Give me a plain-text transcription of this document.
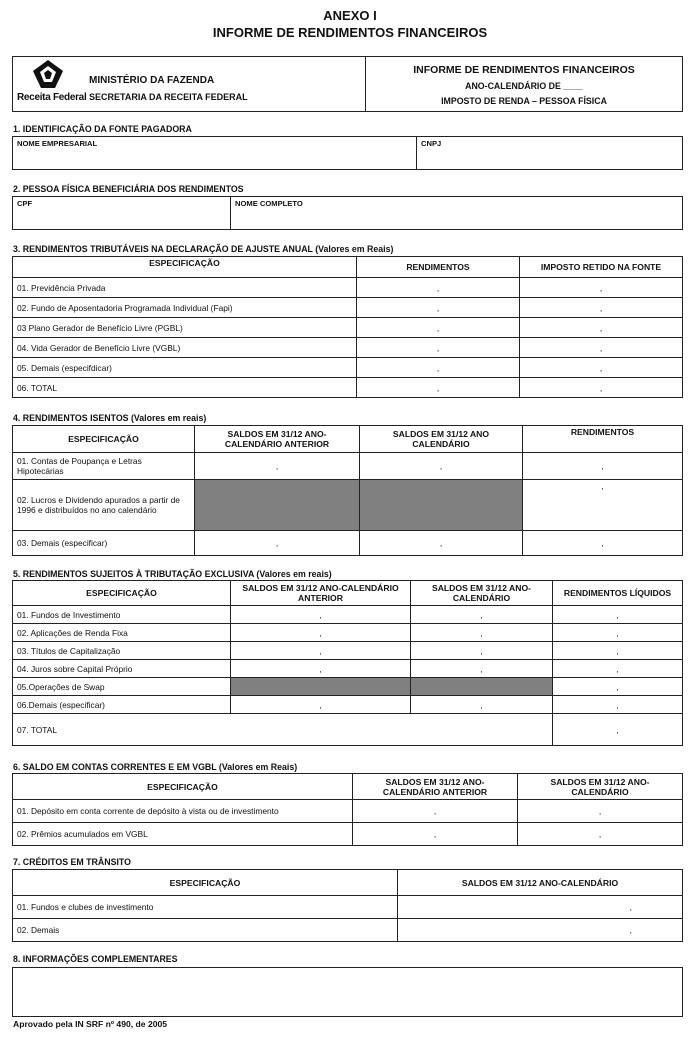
ANEXO I
INFORME DE RENDIMENTOS FINANCEIROS
Receita Federal
MINISTÉRIO DA FAZENDA
SECRETARIA DA RECEITA FEDERAL
INFORME DE RENDIMENTOS FINANCEIROS
ANO-CALENDÁRIO DE ____
IMPOSTO DE RENDA – PESSOA FÍSICA
1. IDENTIFICAÇÃO DA FONTE PAGADORA
NOME EMPRESARIAL	CNPJ
2. PESSOA FÍSICA BENEFICIÁRIA DOS RENDIMENTOS
CPF	NOME COMPLETO
3. RENDIMENTOS TRIBUTÁVEIS NA DECLARAÇÃO DE AJUSTE ANUAL (Valores em Reais)
ESPECIFICAÇÃO	RENDIMENTOS	IMPOSTO RETIDO NA FONTE
01. Previdência Privada	,	,
02. Fundo de Aposentadoria Programada Individual (Fapi)	,	,
03 Plano Gerador de Benefício Livre (PGBL)	,	,
04. Vida Gerador de Benefício Livre (VGBL)	,	,
05. Demais (especifdicar)	,	,
06. TOTAL	,	,
4. RENDIMENTOS ISENTOS (Valores em reais)
ESPECIFICAÇÃO	SALDOS EM 31/12 ANO-CALENDÁRIO ANTERIOR	SALDOS EM 31/12 ANO CALENDÁRIO	RENDIMENTOS
01. Contas de Poupança e Letras Hipotecárias	,	,	,
02. Lucros e Dividendo apurados a partir de 1996 e distribuídos no ano calendário			,
03. Demais (especificar)	,	,	,
5. RENDIMENTOS SUJEITOS À TRIBUTAÇÃO EXCLUSIVA (Valores em reais)
ESPECIFICAÇÃO	SALDOS EM 31/12 ANO-CALENDÁRIO ANTERIOR	SALDOS EM 31/12 ANO-CALENDÁRIO	RENDIMENTOS LÍQUIDOS
01. Fundos de Investimento	,	,	,
02. Aplicações de Renda Fixa	,	,	,
03. Títulos de Capitalização	,	,	,
04. Juros sobre Capital Próprio	,	,	,
05.Operações de Swap			,
06.Demais (especificar)	,	,	,
07. TOTAL			,
6. SALDO EM CONTAS CORRENTES E EM VGBL (Valores em Reais)
ESPECIFICAÇÃO	SALDOS EM 31/12 ANO-CALENDÁRIO ANTERIOR	SALDOS EM 31/12 ANO-CALENDÁRIO
01. Depósito em conta corrente de depósito à vista ou de investimento	,	,
02. Prêmios acumulados em VGBL	,	,
7. CRÉDITOS EM TRÂNSITO
ESPECIFICAÇÃO	SALDOS EM 31/12 ANO-CALENDÁRIO
01. Fundos e clubes de investimento	,
02. Demais	,
8. INFORMAÇÕES COMPLEMENTARES
Aprovado pela IN SRF nº 490, de 2005
